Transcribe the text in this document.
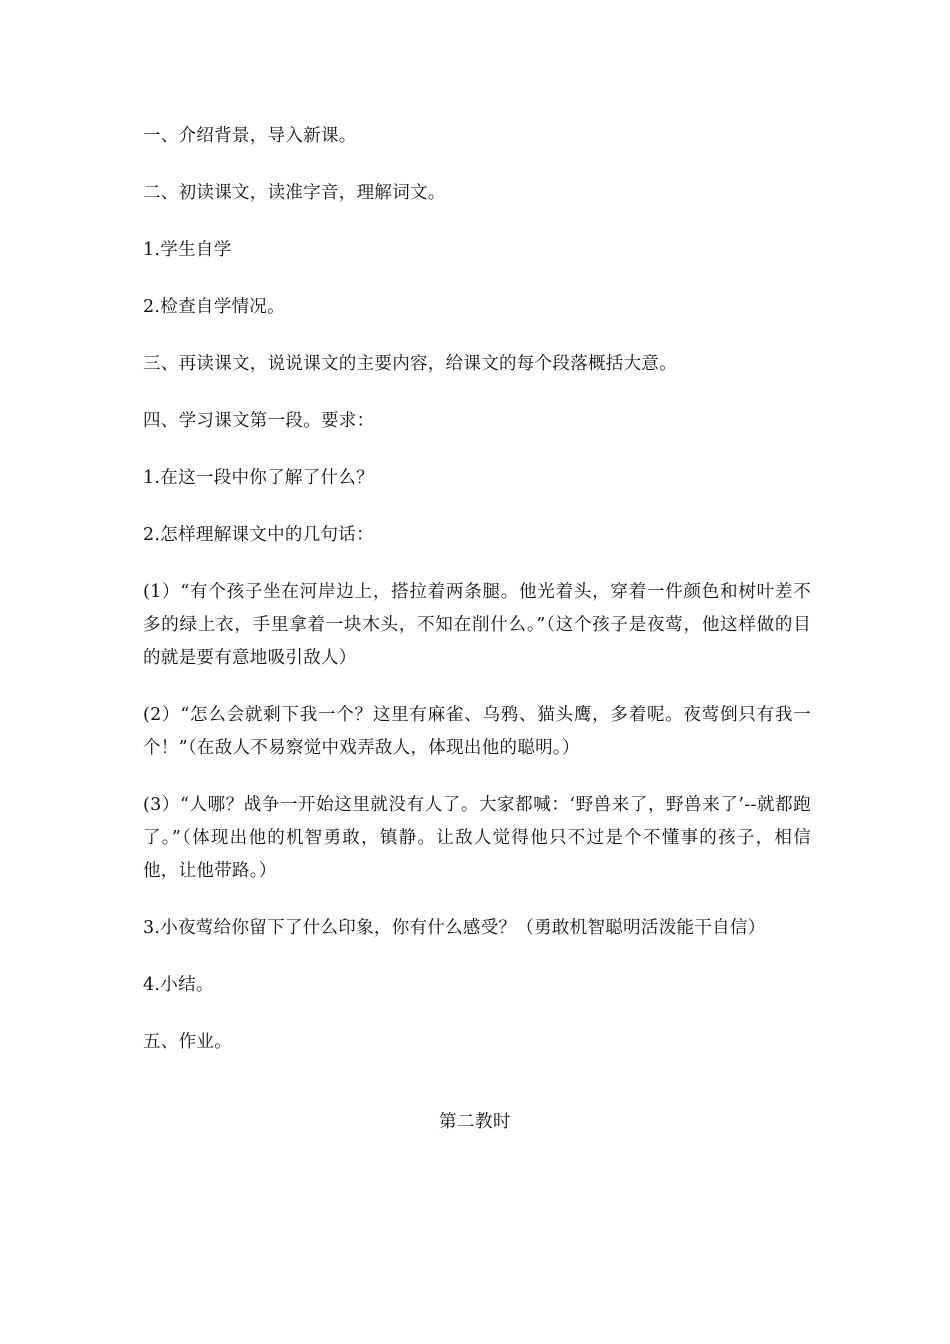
一、介绍背景，导入新课。

二、初读课文，读准字音，理解词文。

1.学生自学

2.检查自学情况。

三、再读课文，说说课文的主要内容，给课文的每个段落概括大意。

四、学习课文第一段。要求：

1.在这一段中你了解了什么？

2.怎样理解课文中的几句话：

(1）“有个孩子坐在河岸边上，搭拉着两条腿。他光着头，穿着一件颜色和树叶差不多的绿上衣，手里拿着一块木头，不知在削什么。”（这个孩子是夜莺，他这样做的目的就是要有意地吸引敌人）

(2）“怎么会就剩下我一个？这里有麻雀、乌鸦、猫头鹰，多着呢。夜莺倒只有我一个！”（在敌人不易察觉中戏弄敌人，体现出他的聪明。）

(3）“人哪？战争一开始这里就没有人了。大家都喊：‘野兽来了，野兽来了’--就都跑了。”（体现出他的机智勇敢，镇静。让敌人觉得他只不过是个不懂事的孩子，相信他，让他带路。）

3.小夜莺给你留下了什么印象，你有什么感受？（勇敢机智聪明活泼能干自信）

4.小结。

五、作业。

第二教时
